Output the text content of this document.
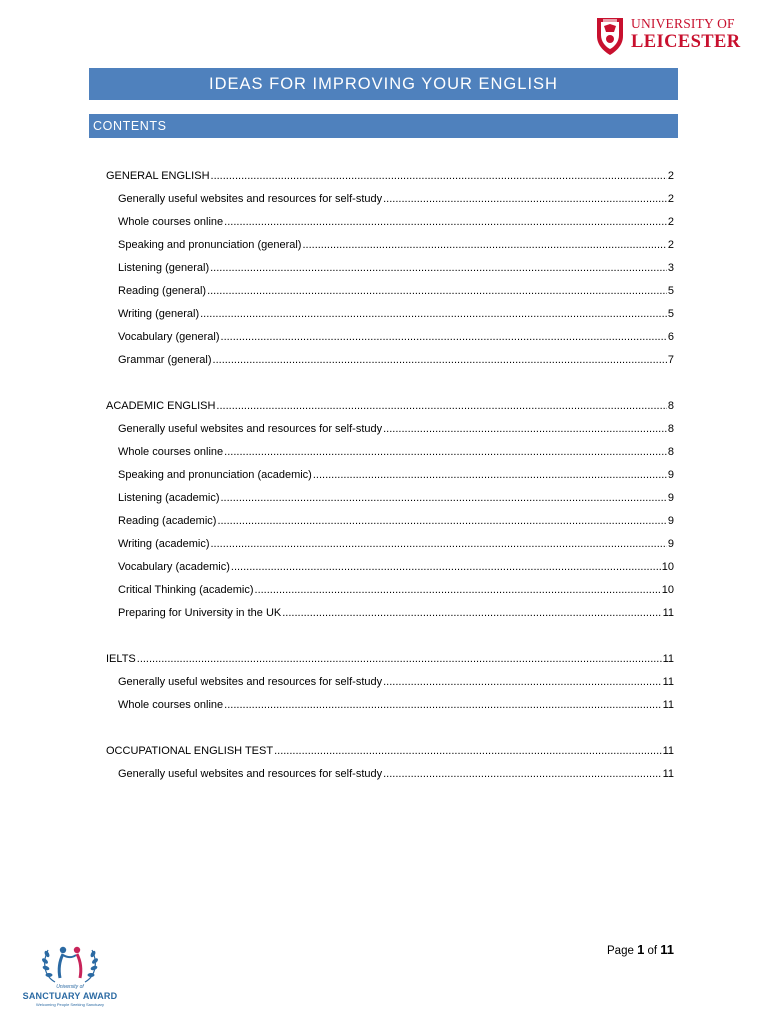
UNIVERSITY OF
LEICESTER
IDEAS FOR IMPROVING YOUR ENGLISH
CONTENTS
GENERAL ENGLISH .....	2
Generally useful websites and resources for self-study .....	2
Whole courses online .....	2
Speaking and pronunciation (general) .....	2
Listening (general) .....	3
Reading (general) .....	5
Writing (general) .....	5
Vocabulary (general) .....	6
Grammar (general) .....	7
ACADEMIC ENGLISH .....	8
Generally useful websites and resources for self-study .....	8
Whole courses online .....	8
Speaking and pronunciation (academic) .....	9
Listening (academic) .....	9
Reading (academic) .....	9
Writing (academic) .....	9
Vocabulary (academic) .....	10
Critical Thinking (academic) .....	10
Preparing for University in the UK .....	11
IELTS .....	11
Generally useful websites and resources for self-study .....	11
Whole courses online .....	11
OCCUPATIONAL ENGLISH TEST .....	11
Generally useful websites and resources for self-study .....	11
Page 1 of 11
University of
SANCTUARY AWARD
Welcoming People Seeking Sanctuary
